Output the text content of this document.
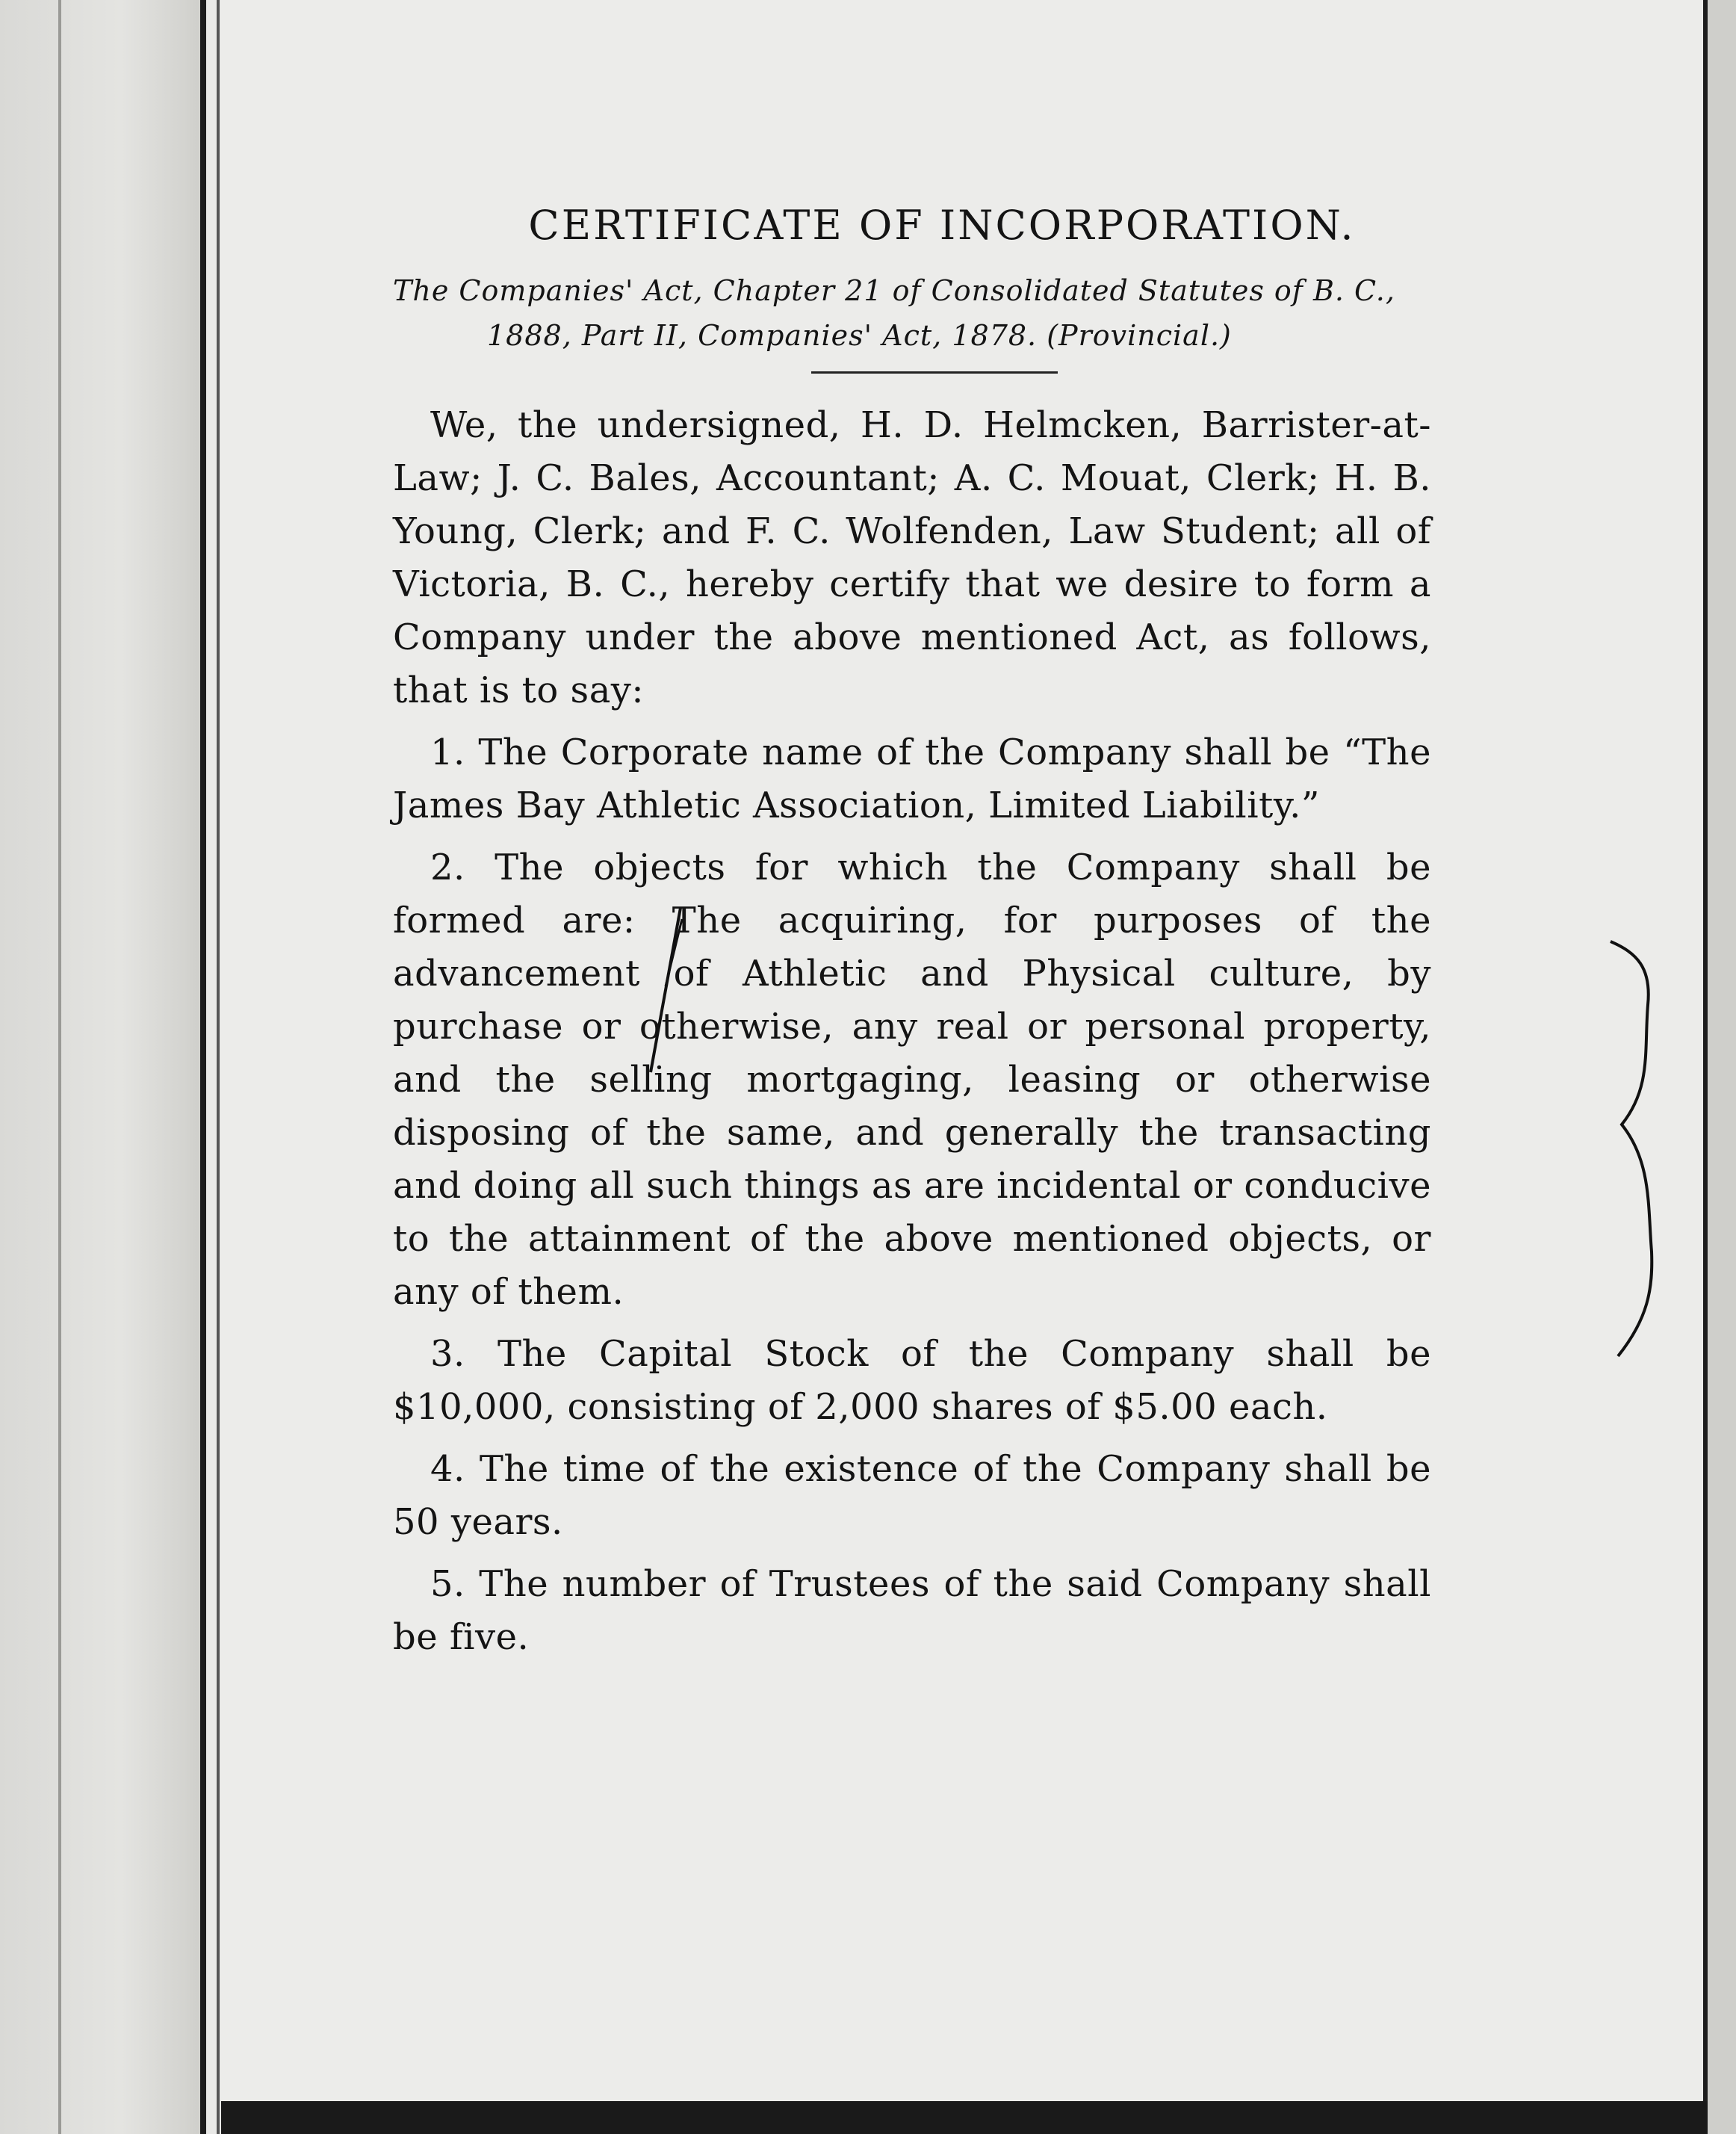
CERTIFICATE OF INCORPORATION.

The Companies' Act, Chapter 21 of Consolidated Statutes of B. C., 1888, Part II, Companies' Act, 1878. (Provincial.)

We, the undersigned, H. D. Helmcken, Barrister-at-Law; J. C. Bales, Accountant; A. C. Mouat, Clerk; H. B. Young, Clerk; and F. C. Wolfenden, Law Student; all of Victoria, B. C., hereby certify that we desire to form a Company under the above mentioned Act, as follows, that is to say:

1. The Corporate name of the Company shall be “The James Bay Athletic Association, Limited Liability.”

2. The objects for which the Company shall be formed are: The acquiring, for purposes of the advancement of Athletic and Physical culture, by purchase or otherwise, any real or personal property, and the selling mortgaging, leasing or otherwise disposing of the same, and generally the transacting and doing all such things as are incidental or conducive to the attainment of the above mentioned objects, or any of them.

3. The Capital Stock of the Company shall be $10,000, consisting of 2,000 shares of $5.00 each.

4. The time of the existence of the Company shall be 50 years.

5. The number of Trustees of the said Company shall be five.
